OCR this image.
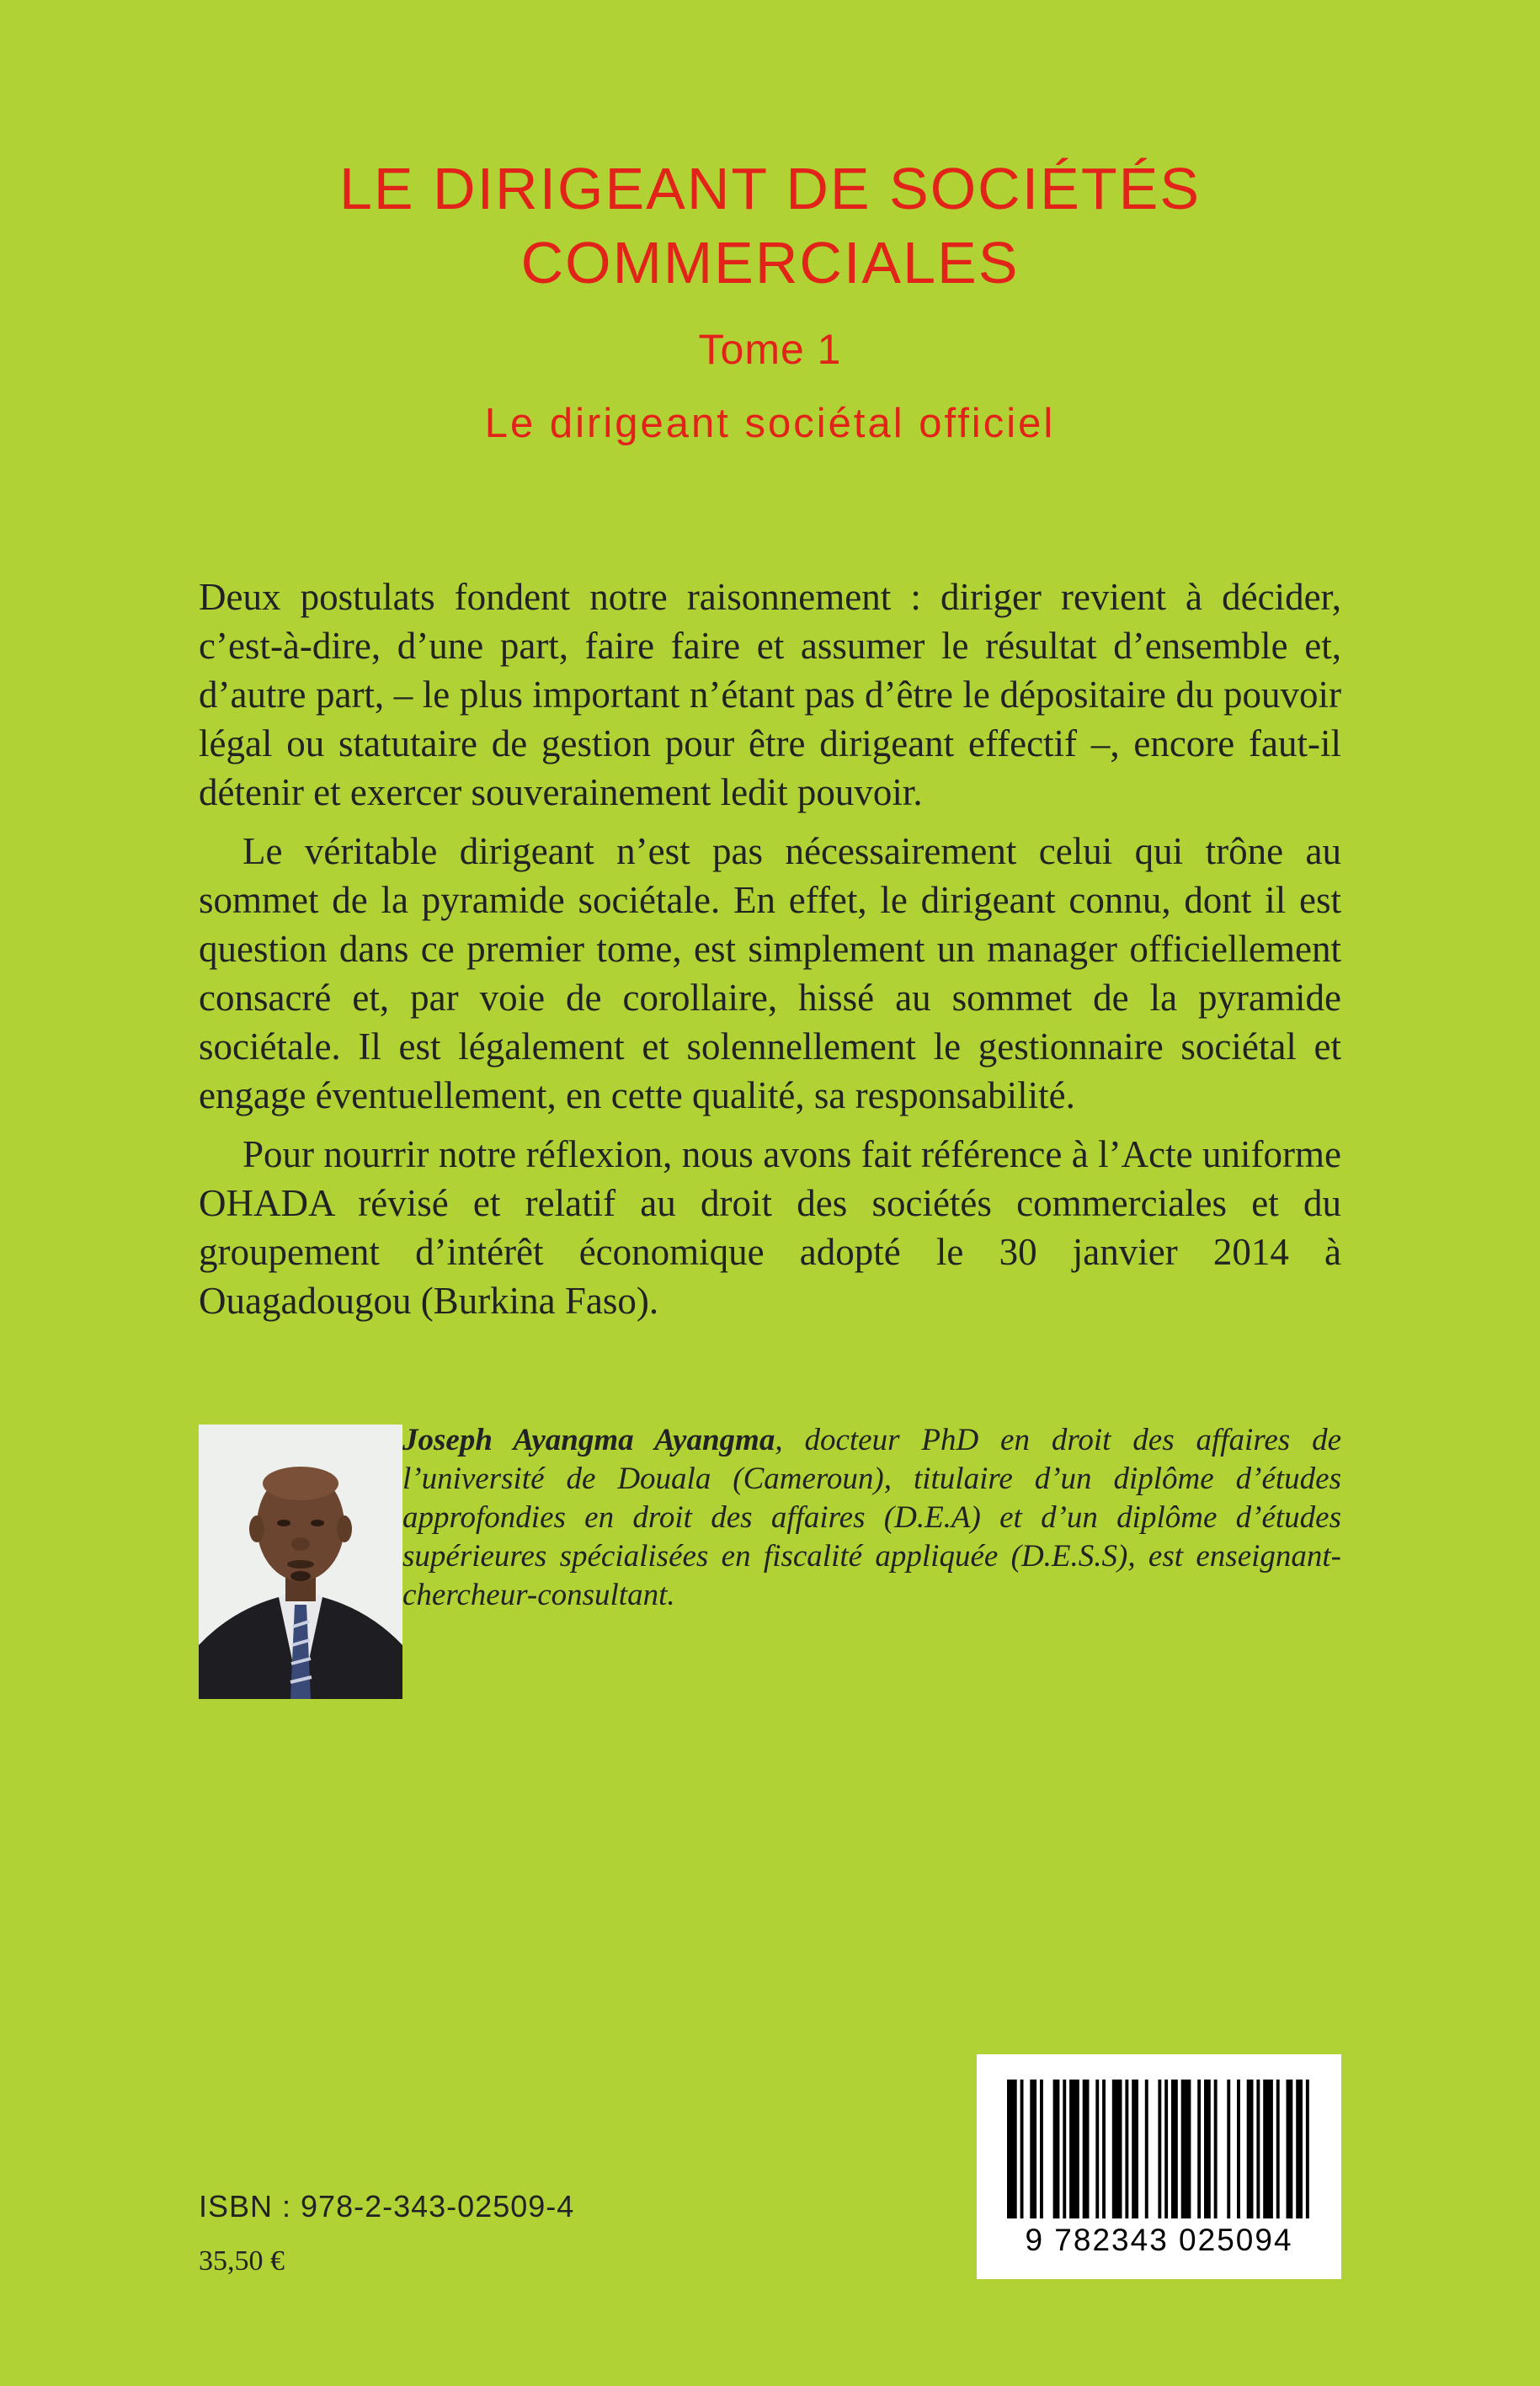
LE DIRIGEANT DE SOCIÉTÉS
COMMERCIALES
Tome 1
Le dirigeant sociétal officiel

Deux postulats fondent notre raisonnement : diriger revient à décider, c’est-à-dire, d’une part, faire faire et assumer le résultat d’ensemble et, d’autre part, – le plus important n’étant pas d’être le dépositaire du pouvoir légal ou statutaire de gestion pour être dirigeant effectif –, encore faut-il détenir et exercer souverainement ledit pouvoir.

Le véritable dirigeant n’est pas nécessairement celui qui trône au sommet de la pyramide sociétale. En effet, le dirigeant connu, dont il est question dans ce premier tome, est simplement un manager officiellement consacré et, par voie de corollaire, hissé au sommet de la pyramide sociétale. Il est légalement et solennellement le gestionnaire sociétal et engage éventuellement, en cette qualité, sa responsabilité.

Pour nourrir notre réflexion, nous avons fait référence à l’Acte uniforme OHADA révisé et relatif au droit des sociétés commerciales et du groupement d’intérêt économique adopté le 30 janvier 2014 à Ouagadougou (Burkina Faso).

Joseph Ayangma Ayangma, docteur PhD en droit des affaires de l’université de Douala (Cameroun), titulaire d’un diplôme d’études approfondies en droit des affaires (D.E.A) et d’un diplôme d’études supérieures spécialisées en fiscalité appliquée (D.E.S.S), est enseignant-chercheur-consultant.
9 782343 025094
ISBN : 978-2-343-02509-4
35,50 €
